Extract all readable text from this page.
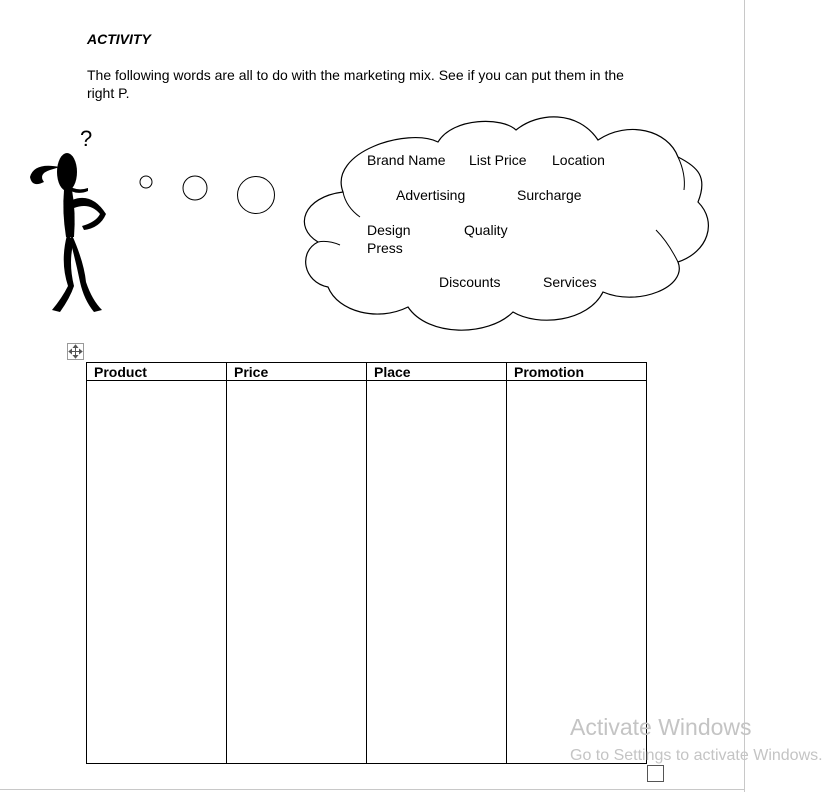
ACTIVITY
The following words are all to do with the marketing mix. See if you can put them in the right P.
?
Brand Name List Price Location
Advertising	Surcharge
Design	Quality
Press
Discounts	Services
Product	Price	Place	Promotion

Activate Windows
Go to Settings to activate Windows.
